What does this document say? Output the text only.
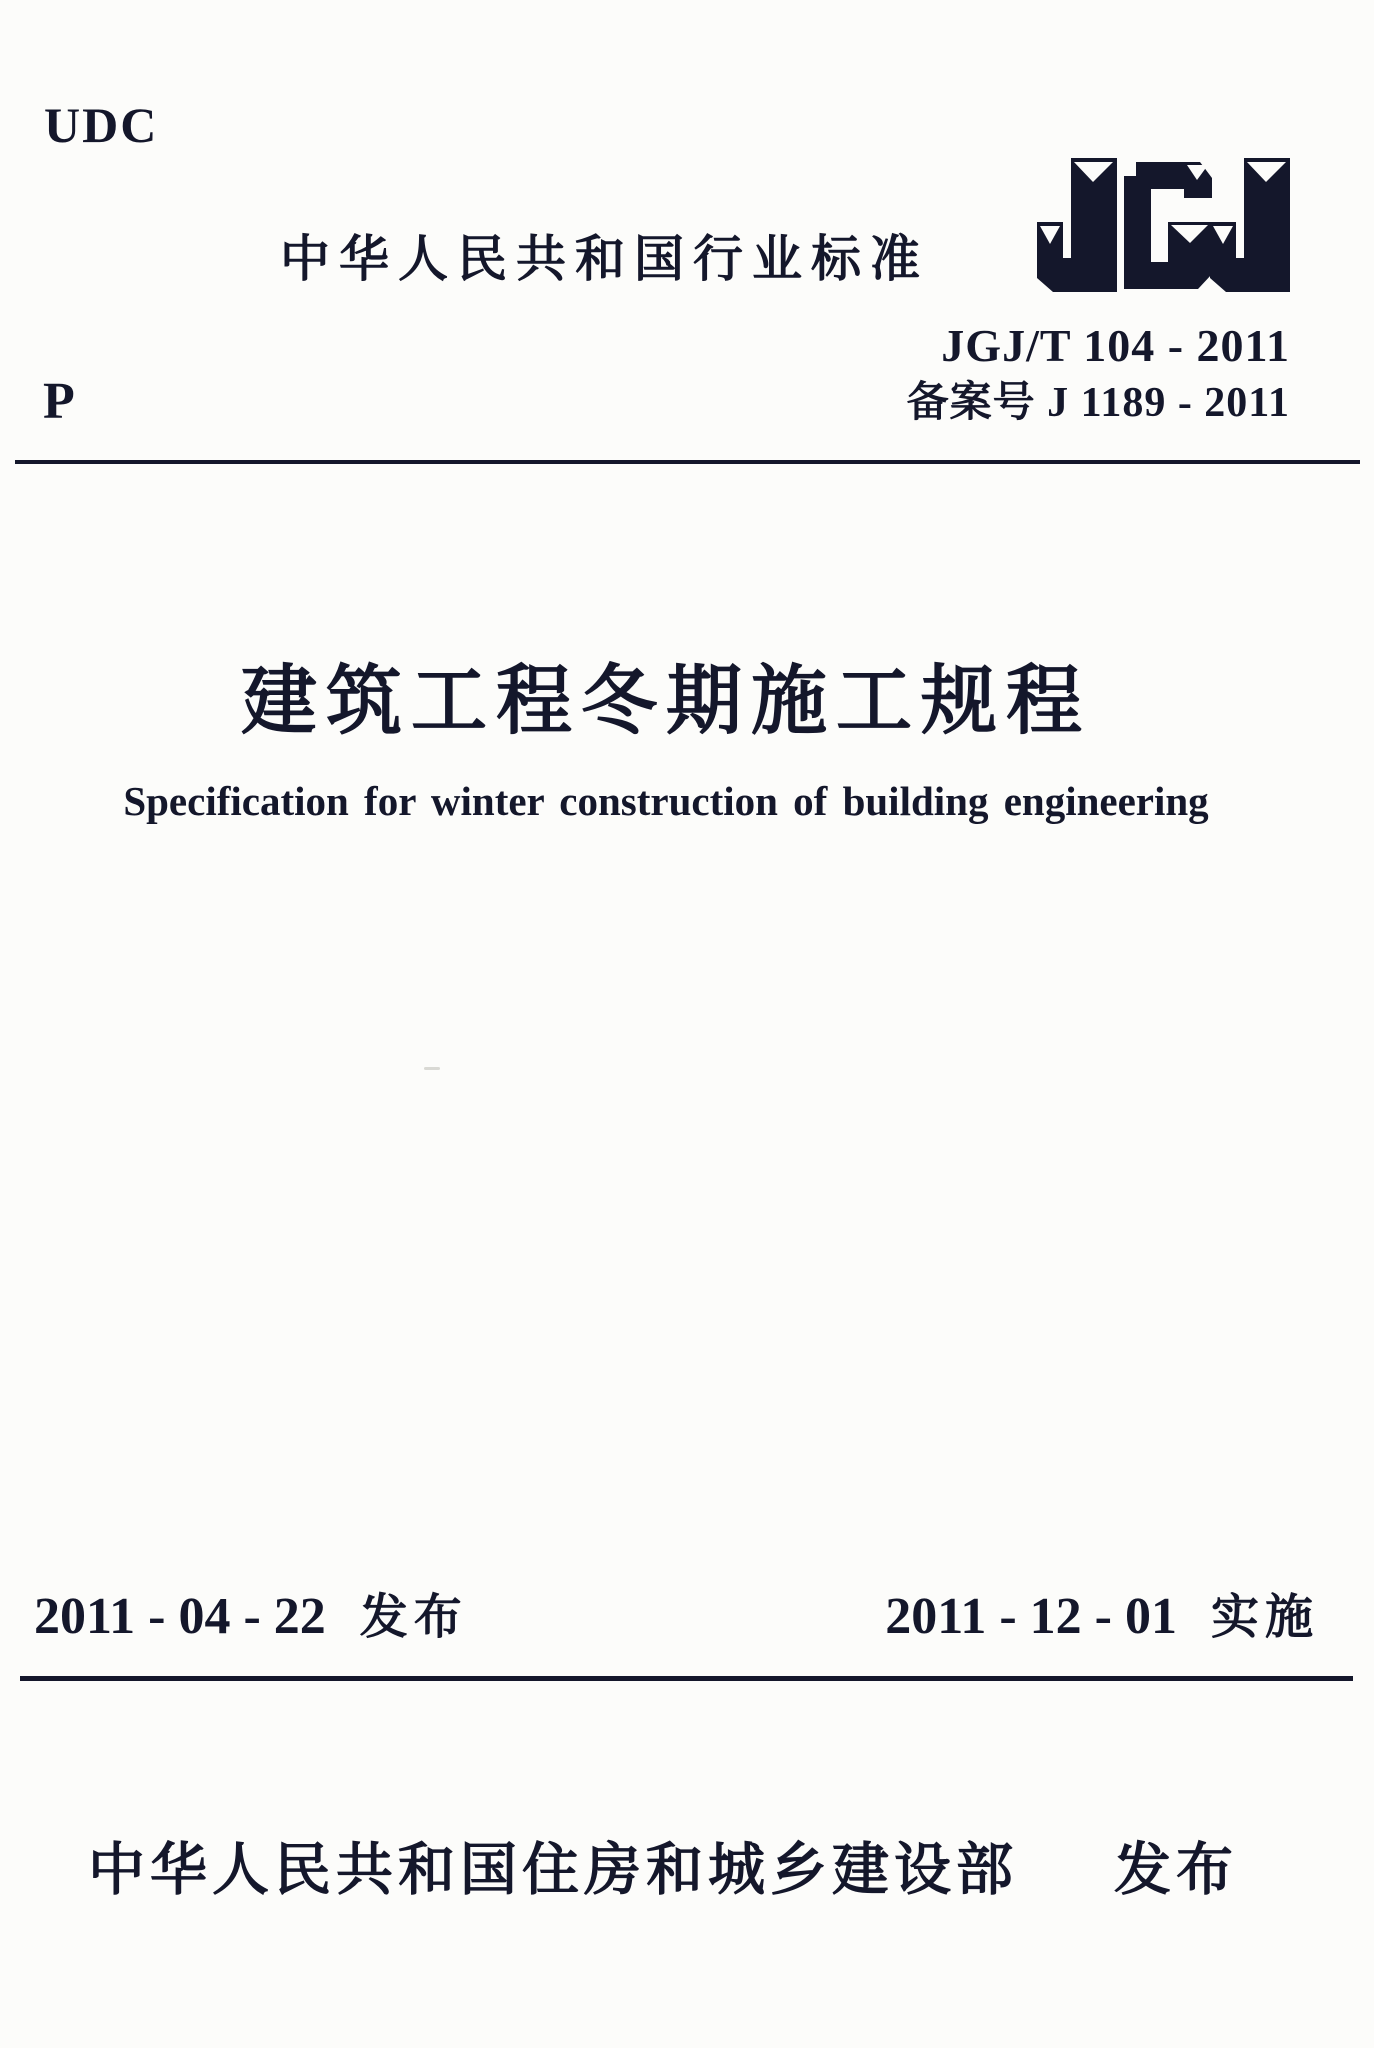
UDC
P
中华人民共和国行业标准
JGJ/T 104 - 2011
备案号 J 1189 - 2011
建筑工程冬期施工规程
Specification for winter construction of building engineering
2011 - 04 - 22 发布	2011 - 12 - 01 实施
中华人民共和国住房和城乡建设部 发布
